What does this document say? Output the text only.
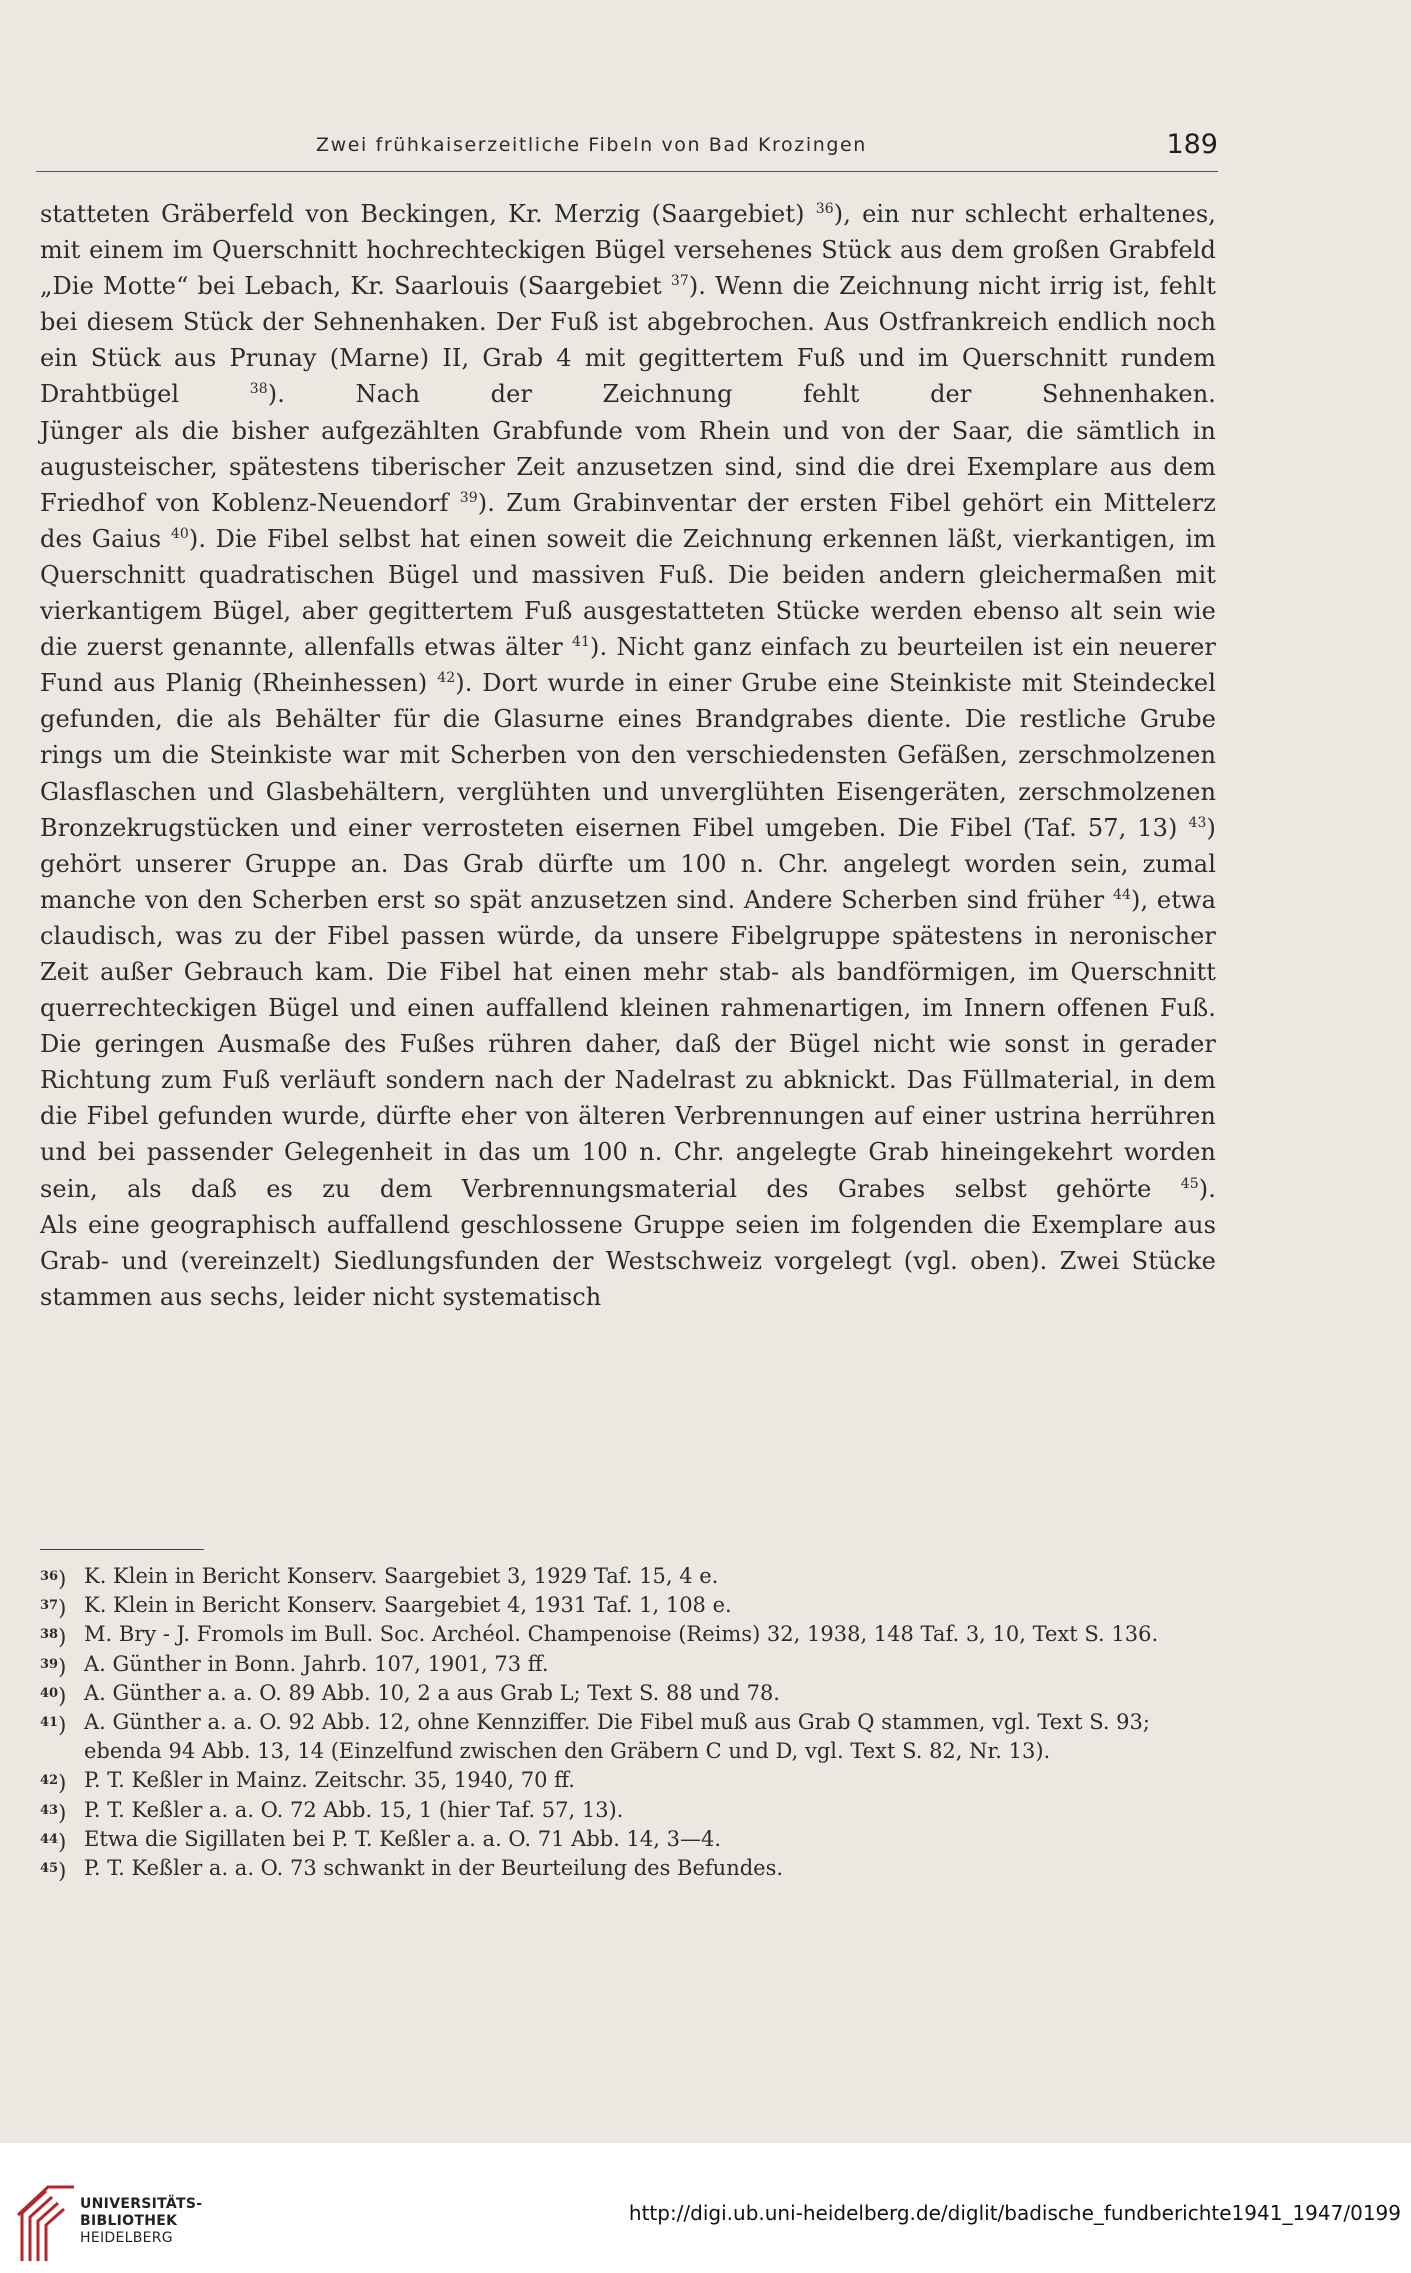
Zwei frühkaiserzeitliche Fibeln von Bad Krozingen	189

statteten Gräberfeld von Beckingen, Kr. Merzig (Saargebiet) $^{36}$), ein nur schlecht erhaltenes, mit einem im Querschnitt hochrechteckigen Bügel versehenes Stück aus dem großen Grabfeld „Die Motte“ bei Lebach, Kr. Saarlouis (Saargebiet $^{37}$). Wenn die Zeichnung nicht irrig ist, fehlt bei diesem Stück der Sehnenhaken. Der Fuß ist abgebrochen. Aus Ostfrankreich endlich noch ein Stück aus Prunay (Marne) II, Grab 4 mit gegittertem Fuß und im Querschnitt rundem Drahtbügel $^{38}$). Nach der Zeichnung fehlt der Sehnenhaken.

Jünger als die bisher aufgezählten Grabfunde vom Rhein und von der Saar, die sämtlich in augusteischer, spätestens tiberischer Zeit anzusetzen sind, sind die drei Exemplare aus dem Friedhof von Koblenz-Neuendorf $^{39}$). Zum Grabinventar der ersten Fibel gehört ein Mittelerz des Gaius $^{40}$). Die Fibel selbst hat einen soweit die Zeichnung erkennen läßt, vierkantigen, im Querschnitt quadratischen Bügel und massiven Fuß. Die beiden andern gleichermaßen mit vierkantigem Bügel, aber gegittertem Fuß ausgestatteten Stücke werden ebenso alt sein wie die zuerst genannte, allenfalls etwas älter $^{41}$). Nicht ganz einfach zu beurteilen ist ein neuerer Fund aus Planig (Rheinhessen) $^{42}$). Dort wurde in einer Grube eine Steinkiste mit Steindeckel gefunden, die als Behälter für die Glasurne eines Brandgrabes diente. Die restliche Grube rings um die Steinkiste war mit Scherben von den verschiedensten Gefäßen, zerschmolzenen Glasflaschen und Glasbehältern, verglühten und unverglühten Eisengeräten, zerschmolzenen Bronzekrugstücken und einer verrosteten eisernen Fibel umgeben. Die Fibel (Taf. 57, 13) $^{43}$) gehört unserer Gruppe an. Das Grab dürfte um 100 n. Chr. angelegt worden sein, zumal manche von den Scherben erst so spät anzusetzen sind. Andere Scherben sind früher $^{44}$), etwa claudisch, was zu der Fibel passen würde, da unsere Fibelgruppe spätestens in neronischer Zeit außer Gebrauch kam. Die Fibel hat einen mehr stab- als bandförmigen, im Querschnitt querrechteckigen Bügel und einen auffallend kleinen rahmenartigen, im Innern offenen Fuß. Die geringen Ausmaße des Fußes rühren daher, daß der Bügel nicht wie sonst in gerader Richtung zum Fuß verläuft sondern nach der Nadelrast zu abknickt. Das Füllmaterial, in dem die Fibel gefunden wurde, dürfte eher von älteren Verbrennungen auf einer ustrina herrühren und bei passender Gelegenheit in das um 100 n. Chr. angelegte Grab hineingekehrt worden sein, als daß es zu dem Verbrennungsmaterial des Grabes selbst gehörte $^{45}$).

Als eine geographisch auffallend geschlossene Gruppe seien im folgenden die Exemplare aus Grab- und (vereinzelt) Siedlungsfunden der Westschweiz vorgelegt (vgl. oben). Zwei Stücke stammen aus sechs, leider nicht systematisch

$^{36}$) K. Klein in Bericht Konserv. Saargebiet 3, 1929 Taf. 15, 4 e.
$^{37}$) K. Klein in Bericht Konserv. Saargebiet 4, 1931 Taf. 1, 108 e.
$^{38}$) M. Bry - J. Fromols im Bull. Soc. Archéol. Champenoise (Reims) 32, 1938, 148 Taf. 3, 10, Text S. 136.
$^{39}$) A. Günther in Bonn. Jahrb. 107, 1901, 73 ff.
$^{40}$) A. Günther a. a. O. 89 Abb. 10, 2 a aus Grab L; Text S. 88 und 78.
$^{41}$) A. Günther a. a. O. 92 Abb. 12, ohne Kennziffer. Die Fibel muß aus Grab Q stammen, vgl. Text S. 93; ebenda 94 Abb. 13, 14 (Einzelfund zwischen den Gräbern C und D, vgl. Text S. 82, Nr. 13).
$^{42}$) P. T. Keßler in Mainz. Zeitschr. 35, 1940, 70 ff.
$^{43}$) P. T. Keßler a. a. O. 72 Abb. 15, 1 (hier Taf. 57, 13).
$^{44}$) Etwa die Sigillaten bei P. T. Keßler a. a. O. 71 Abb. 14, 3—4.
$^{45}$) P. T. Keßler a. a. O. 73 schwankt in der Beurteilung des Befundes.
UNIVERSITÄTS-
BIBLIOTHEK
HEIDELBERG
http://digi.ub.uni-heidelberg.de/diglit/badische_fundberichte1941_1947/0199
